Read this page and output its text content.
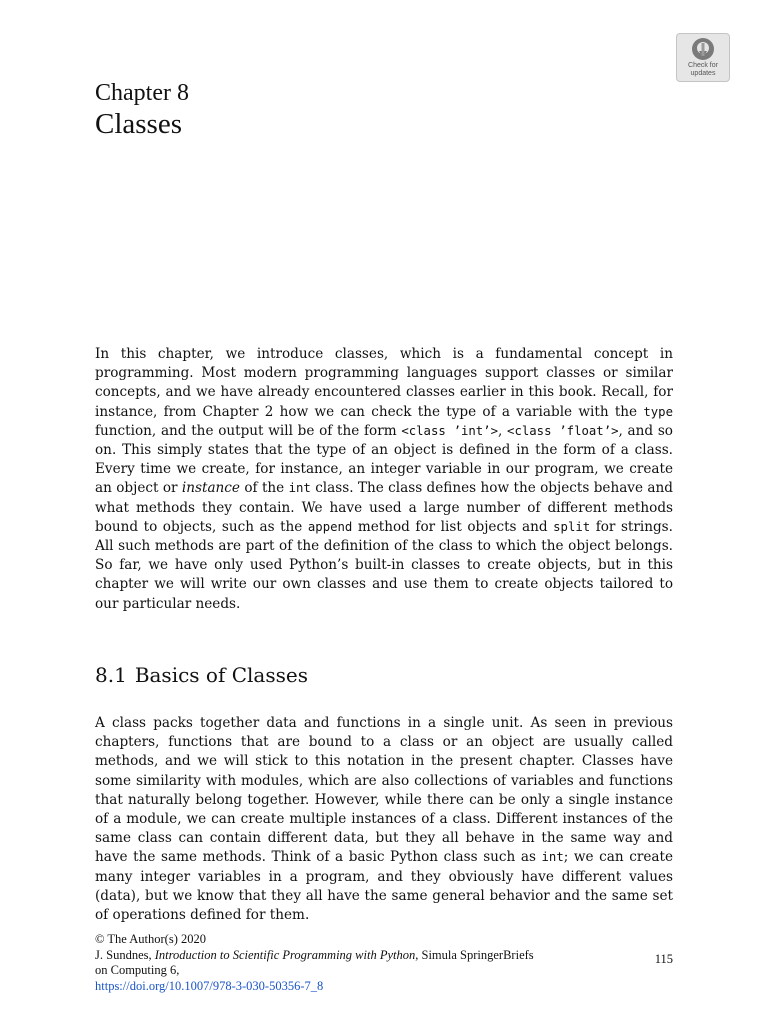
Check for updates
Chapter 8
Classes

In this chapter, we introduce classes, which is a fundamental concept in programming. Most modern programming languages support classes or similar concepts, and we have already encountered classes earlier in this book. Recall, for instance, from Chapter 2 how we can check the type of a variable with the type function, and the output will be of the form <class ’int’>, <class ’float’>, and so on. This simply states that the type of an object is defined in the form of a class. Every time we create, for instance, an integer variable in our program, we create an object or instance of the int class. The class defines how the objects behave and what methods they contain. We have used a large number of different methods bound to objects, such as the append method for list objects and split for strings. All such methods are part of the definition of the class to which the object belongs. So far, we have only used Python’s built-in classes to create objects, but in this chapter we will write our own classes and use them to create objects tailored to our particular needs.

8.1 Basics of Classes

A class packs together data and functions in a single unit. As seen in previous chapters, functions that are bound to a class or an object are usually called methods, and we will stick to this notation in the present chapter. Classes have some similarity with modules, which are also collections of variables and functions that naturally belong together. However, while there can be only a single instance of a module, we can create multiple instances of a class. Different instances of the same class can contain different data, but they all behave in the same way and have the same methods. Think of a basic Python class such as int; we can create many integer variables in a program, and they obviously have different values (data), but we know that they all have the same general behavior and the same set of operations defined for them.

© The Author(s) 2020
J. Sundnes, Introduction to Scientific Programming with Python, Simula SpringerBriefs on Computing 6,
https://doi.org/10.1007/978-3-030-50356-7_8
115
